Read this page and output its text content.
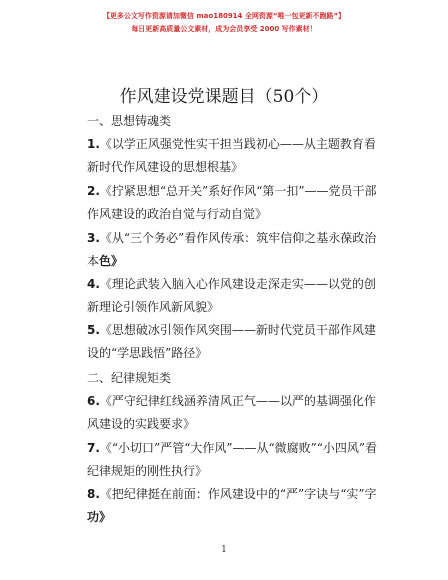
【更多公文写作资源请加微信 mao180914 全网资源“唯一包更新不跑路”】
每日更新高质量公文素材，成为会员享受 2000 写作素材！
作风建设党课题目（50个）
一、思想铸魂类
1.《以学正风强党性实干担当践初心——从主题教育看新时代作风建设的思想根基》
2.《拧紧思想“总开关”系好作风“第一扣”——党员干部作风建设的政治自觉与行动自觉》
3.《从“三个务必”看作风传承：筑牢信仰之基永葆政治本色》
4.《理论武装入脑入心作风建设走深走实——以党的创新理论引领作风新风貌》
5.《思想破冰引领作风突围——新时代党员干部作风建设的“学思践悟”路径》
二、纪律规矩类
6.《严守纪律红线涵养清风正气——以严的基调强化作风建设的实践要求》
7.《“小切口”严管“大作风”——从“微腐败”“小四风”看纪律规矩的刚性执行》
8.《把纪律挺在前面：作风建设中的“严”字诀与“实”字功》
1
